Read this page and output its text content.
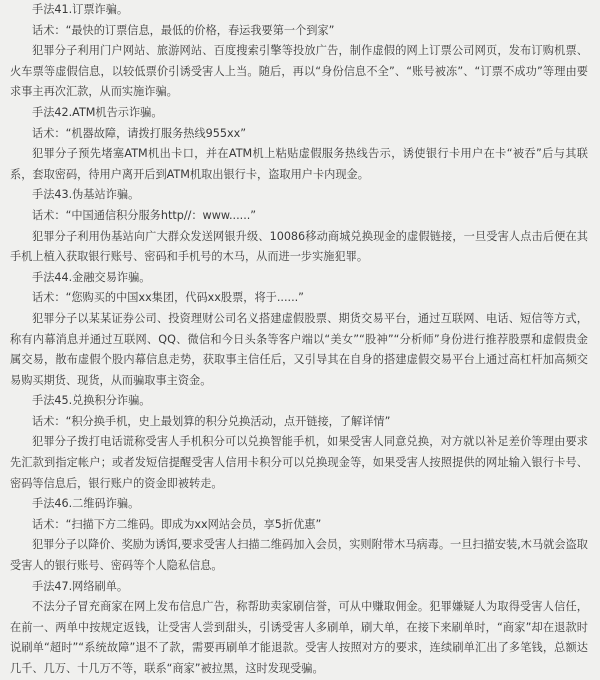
手法41.订票诈骗。

话术：“最快的订票信息，最低的价格，春运我要第一个到家”

犯罪分子利用门户网站、旅游网站、百度搜索引擎等投放广告，制作虚假的网上订票公司网页，发布订购机票、火车票等虚假信息，以较低票价引诱受害人上当。随后，再以“身份信息不全”、“账号被冻”、“订票不成功”等理由要求事主再次汇款，从而实施诈骗。

手法42.ATM机告示诈骗。

话术：“机器故障，请拨打服务热线955xx”

犯罪分子预先堵塞ATM机出卡口，并在ATM机上粘贴虚假服务热线告示，诱使银行卡用户在卡“被吞”后与其联系，套取密码，待用户离开后到ATM机取出银行卡，盗取用户卡内现金。

手法43.伪基站诈骗。

话术：“中国通信积分服务http//：www......”

犯罪分子利用伪基站向广大群众发送网银升级、10086移动商城兑换现金的虚假链接，一旦受害人点击后便在其手机上植入获取银行账号、密码和手机号的木马，从而进一步实施犯罪。

手法44.金融交易诈骗。

话术：“您购买的中国xx集团，代码xx股票，将于......”

犯罪分子以某某证券公司、投资理财公司名义搭建虚假股票、期货交易平台，通过互联网、电话、短信等方式，称有内幕消息并通过互联网、QQ、微信和今日头条等客户端以“美女”“股神”“分析师”身份进行推荐股票和虚假贵金属交易，散布虚假个股内幕信息走势，获取事主信任后，又引导其在自身的搭建虚假交易平台上通过高杠杆加高频交易购买期货、现货，从而骗取事主资金。

手法45.兑换积分诈骗。

话术：“积分换手机，史上最划算的积分兑换活动，点开链接，了解详情”

犯罪分子拨打电话谎称受害人手机积分可以兑换智能手机，如果受害人同意兑换，对方就以补足差价等理由要求先汇款到指定帐户；或者发短信提醒受害人信用卡积分可以兑换现金等，如果受害人按照提供的网址输入银行卡号、密码等信息后，银行账户的资金即被转走。

手法46.二维码诈骗。

话术：“扫描下方二维码。即成为xx网站会员，享5折优惠”

犯罪分子以降价、奖励为诱饵,要求受害人扫描二维码加入会员，实则附带木马病毒。一旦扫描安装,木马就会盗取受害人的银行账号、密码等个人隐私信息。

手法47.网络刷单。

不法分子冒充商家在网上发布信息广告，称帮助卖家刷信誉，可从中赚取佣金。犯罪嫌疑人为取得受害人信任，在前一、两单中按规定返钱，让受害人尝到甜头，引诱受害人多刷单，刷大单，在接下来刷单时，“商家”却在退款时说刷单“超时”“系统故障”退不了款，需要再刷单才能退款。受害人按照对方的要求，连续刷单汇出了多笔钱，总额达几千、几万、十几万不等，联系“商家”被拉黑，这时发现受骗。
